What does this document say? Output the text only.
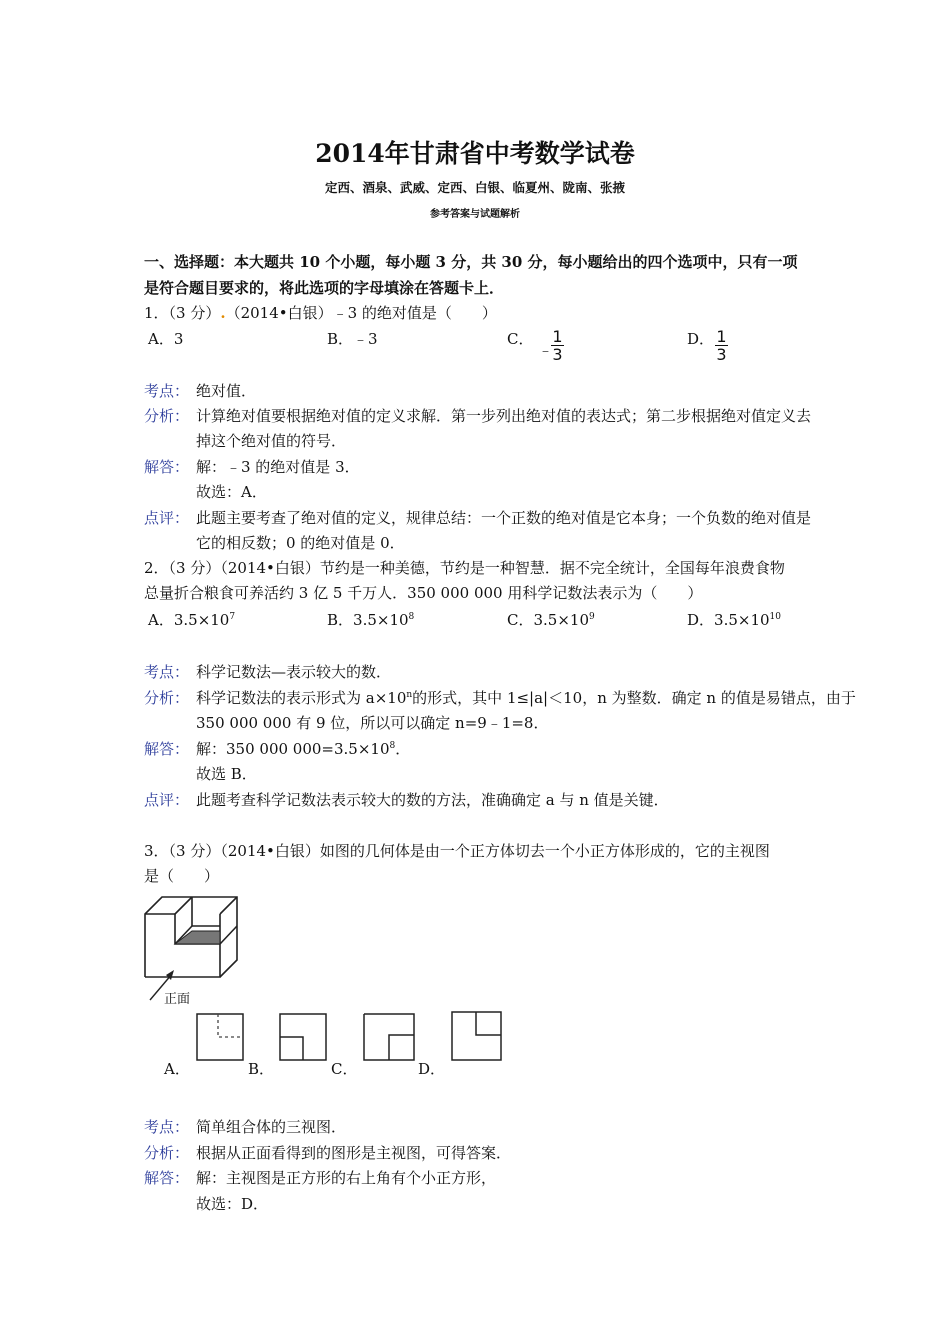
2014年甘肃省中考数学试卷
定西、酒泉、武威、定西、白银、临夏州、陇南、张掖
参考答案与试题解析
一、选择题：本大题共 10 个小题，每小题 3 分，共 30 分，每小题给出的四个选项中，只有一项
是符合题目要求的，将此选项的字母填涂在答题卡上．
1．（3 分）.（2014•白银）﹣3 的绝对值是（　　）
A．3	B．﹣3	C．
﹣
$\frac{1}{3}$	D． $\frac{1}{3}$
考点： 绝对值．
分析： 计算绝对值要根据绝对值的定义求解．第一步列出绝对值的表达式；第二步根据绝对值定义去
掉这个绝对值的符号．
解答： 解：﹣3 的绝对值是 3．
故选：A．
点评： 此题主要考查了绝对值的定义，规律总结：一个正数的绝对值是它本身；一个负数的绝对值是
它的相反数；0 的绝对值是 0．
2．（3 分）（2014•白银）节约是一种美德，节约是一种智慧．据不完全统计，全国每年浪费食物
总量折合粮食可养活约 3 亿 5 千万人．350 000 000 用科学记数法表示为（　　）
A．$3.5\times 10^7$	B．$3.5\times 10^8$	C．$3.5\times 10^9$	D．$3.5\times 10^{10}$
考点： 科学记数法—表示较大的数．
分析： 科学记数法的表示形式为 $a\times 10^n$的形式，其中 1≤|a|＜10，n 为整数．确定 n 的值是易错点，由于
350 000 000 有 9 位，所以可以确定 n=9﹣1=8．
解答： 解：350 000 $000=3.5\times 10^8$．
故选 B．
点评： 此题考查科学记数法表示较大的数的方法，准确确定 a 与 n 值是关键．
3．（3 分）（2014•白银）如图的几何体是由一个正方体切去一个小正方体形成的，它的主视图
是（　　）
正面
A．	B．	C．	D．
考点： 简单组合体的三视图．
分析： 根据从正面看得到的图形是主视图，可得答案．
解答： 解：主视图是正方形的右上角有个小正方形，
故选：D．
